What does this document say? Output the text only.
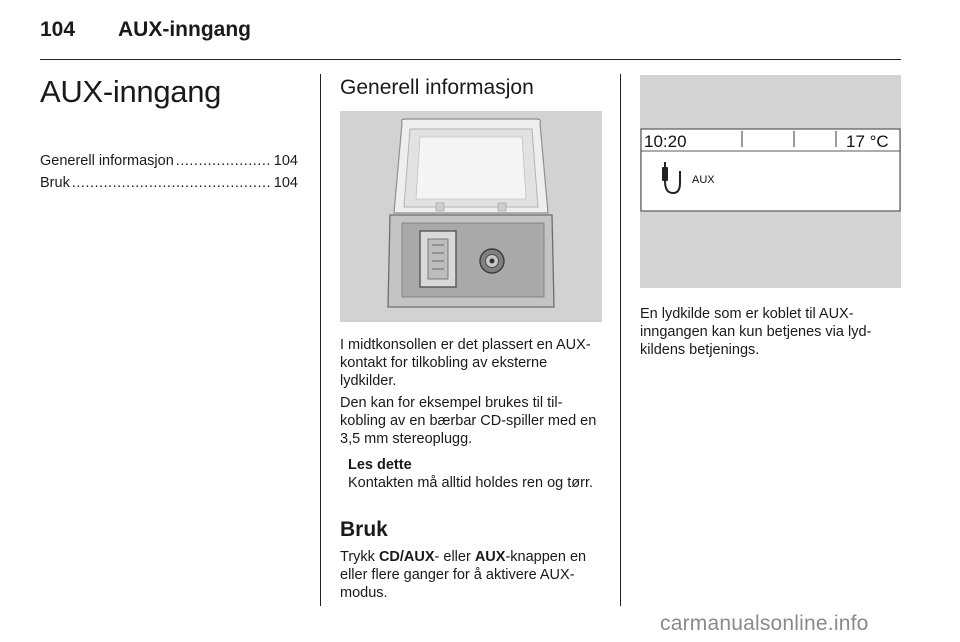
104 AUX-inngang
AUX-inngang
Generell informasjon .....	104
Bruk .....	104
Generell informasjon
I midtkonsollen er det plassert en AUX-kontakt for tilkobling av eksterne lydkilder.
Den kan for eksempel brukes til til- kobling av en bærbar CD-spiller med en 3,5 mm stereoplugg.
Les dette
Kontakten må alltid holdes ren og tørr.
Bruk
Trykk CD/AUX- eller AUX-knappen en eller flere ganger for å aktivere AUX-modus.
10:20	17 °C
AUX
En lydkilde som er koblet til AUX- inngangen kan kun betjenes via lyd- kildens betjenings.
carmanualsonline.info
